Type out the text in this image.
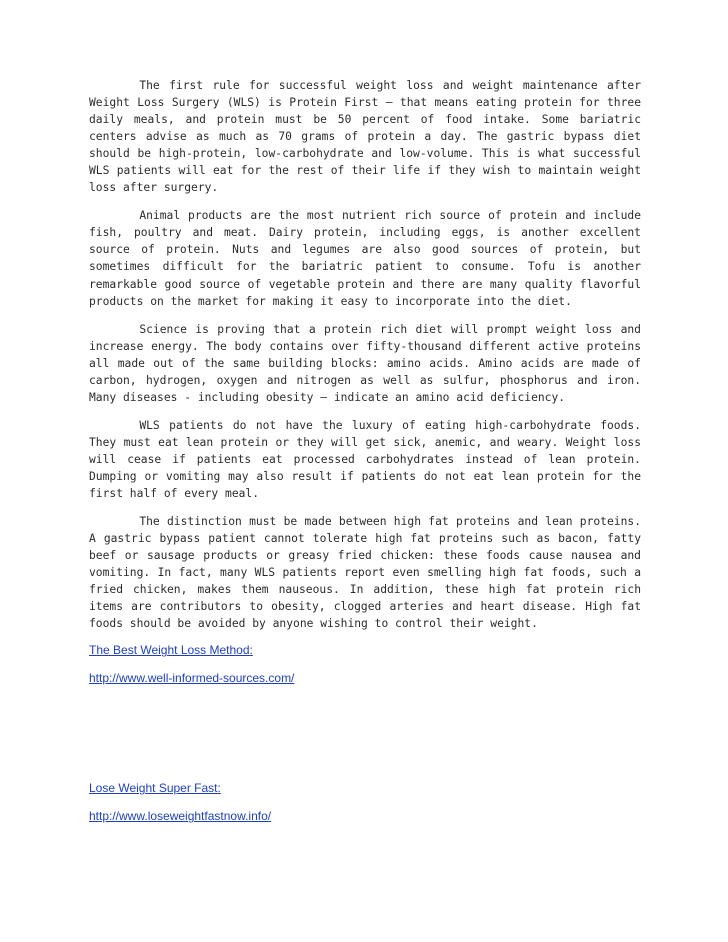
The first rule for successful weight loss and weight maintenance after Weight Loss Surgery (WLS) is Protein First – that means eating protein for three daily meals, and protein must be 50 percent of food intake. Some bariatric centers advise as much as 70 grams of protein a day. The gastric bypass diet should be high-protein, low-carbohydrate and low-volume. This is what successful WLS patients will eat for the rest of their life if they wish to maintain weight loss after surgery.

Animal products are the most nutrient rich source of protein and include fish, poultry and meat. Dairy protein, including eggs, is another excellent source of protein. Nuts and legumes are also good sources of protein, but sometimes difficult for the bariatric patient to consume. Tofu is another remarkable good source of vegetable protein and there are many quality flavorful products on the market for making it easy to incorporate into the diet.

Science is proving that a protein rich diet will prompt weight loss and increase energy. The body contains over fifty-thousand different active proteins all made out of the same building blocks: amino acids. Amino acids are made of carbon, hydrogen, oxygen and nitrogen as well as sulfur, phosphorus and iron. Many diseases - including obesity – indicate an amino acid deficiency.

WLS patients do not have the luxury of eating high-carbohydrate foods. They must eat lean protein or they will get sick, anemic, and weary. Weight loss will cease if patients eat processed carbohydrates instead of lean protein. Dumping or vomiting may also result if patients do not eat lean protein for the first half of every meal.

The distinction must be made between high fat proteins and lean proteins. A gastric bypass patient cannot tolerate high fat proteins such as bacon, fatty beef or sausage products or greasy fried chicken: these foods cause nausea and vomiting. In fact, many WLS patients report even smelling high fat foods, such a fried chicken, makes them nauseous. In addition, these high fat protein rich items are contributors to obesity, clogged arteries and heart disease. High fat foods should be avoided by anyone wishing to control their weight.

The Best Weight Loss Method:
http://www.well-informed-sources.com/
Lose Weight Super Fast:
http://www.loseweightfastnow.info/
